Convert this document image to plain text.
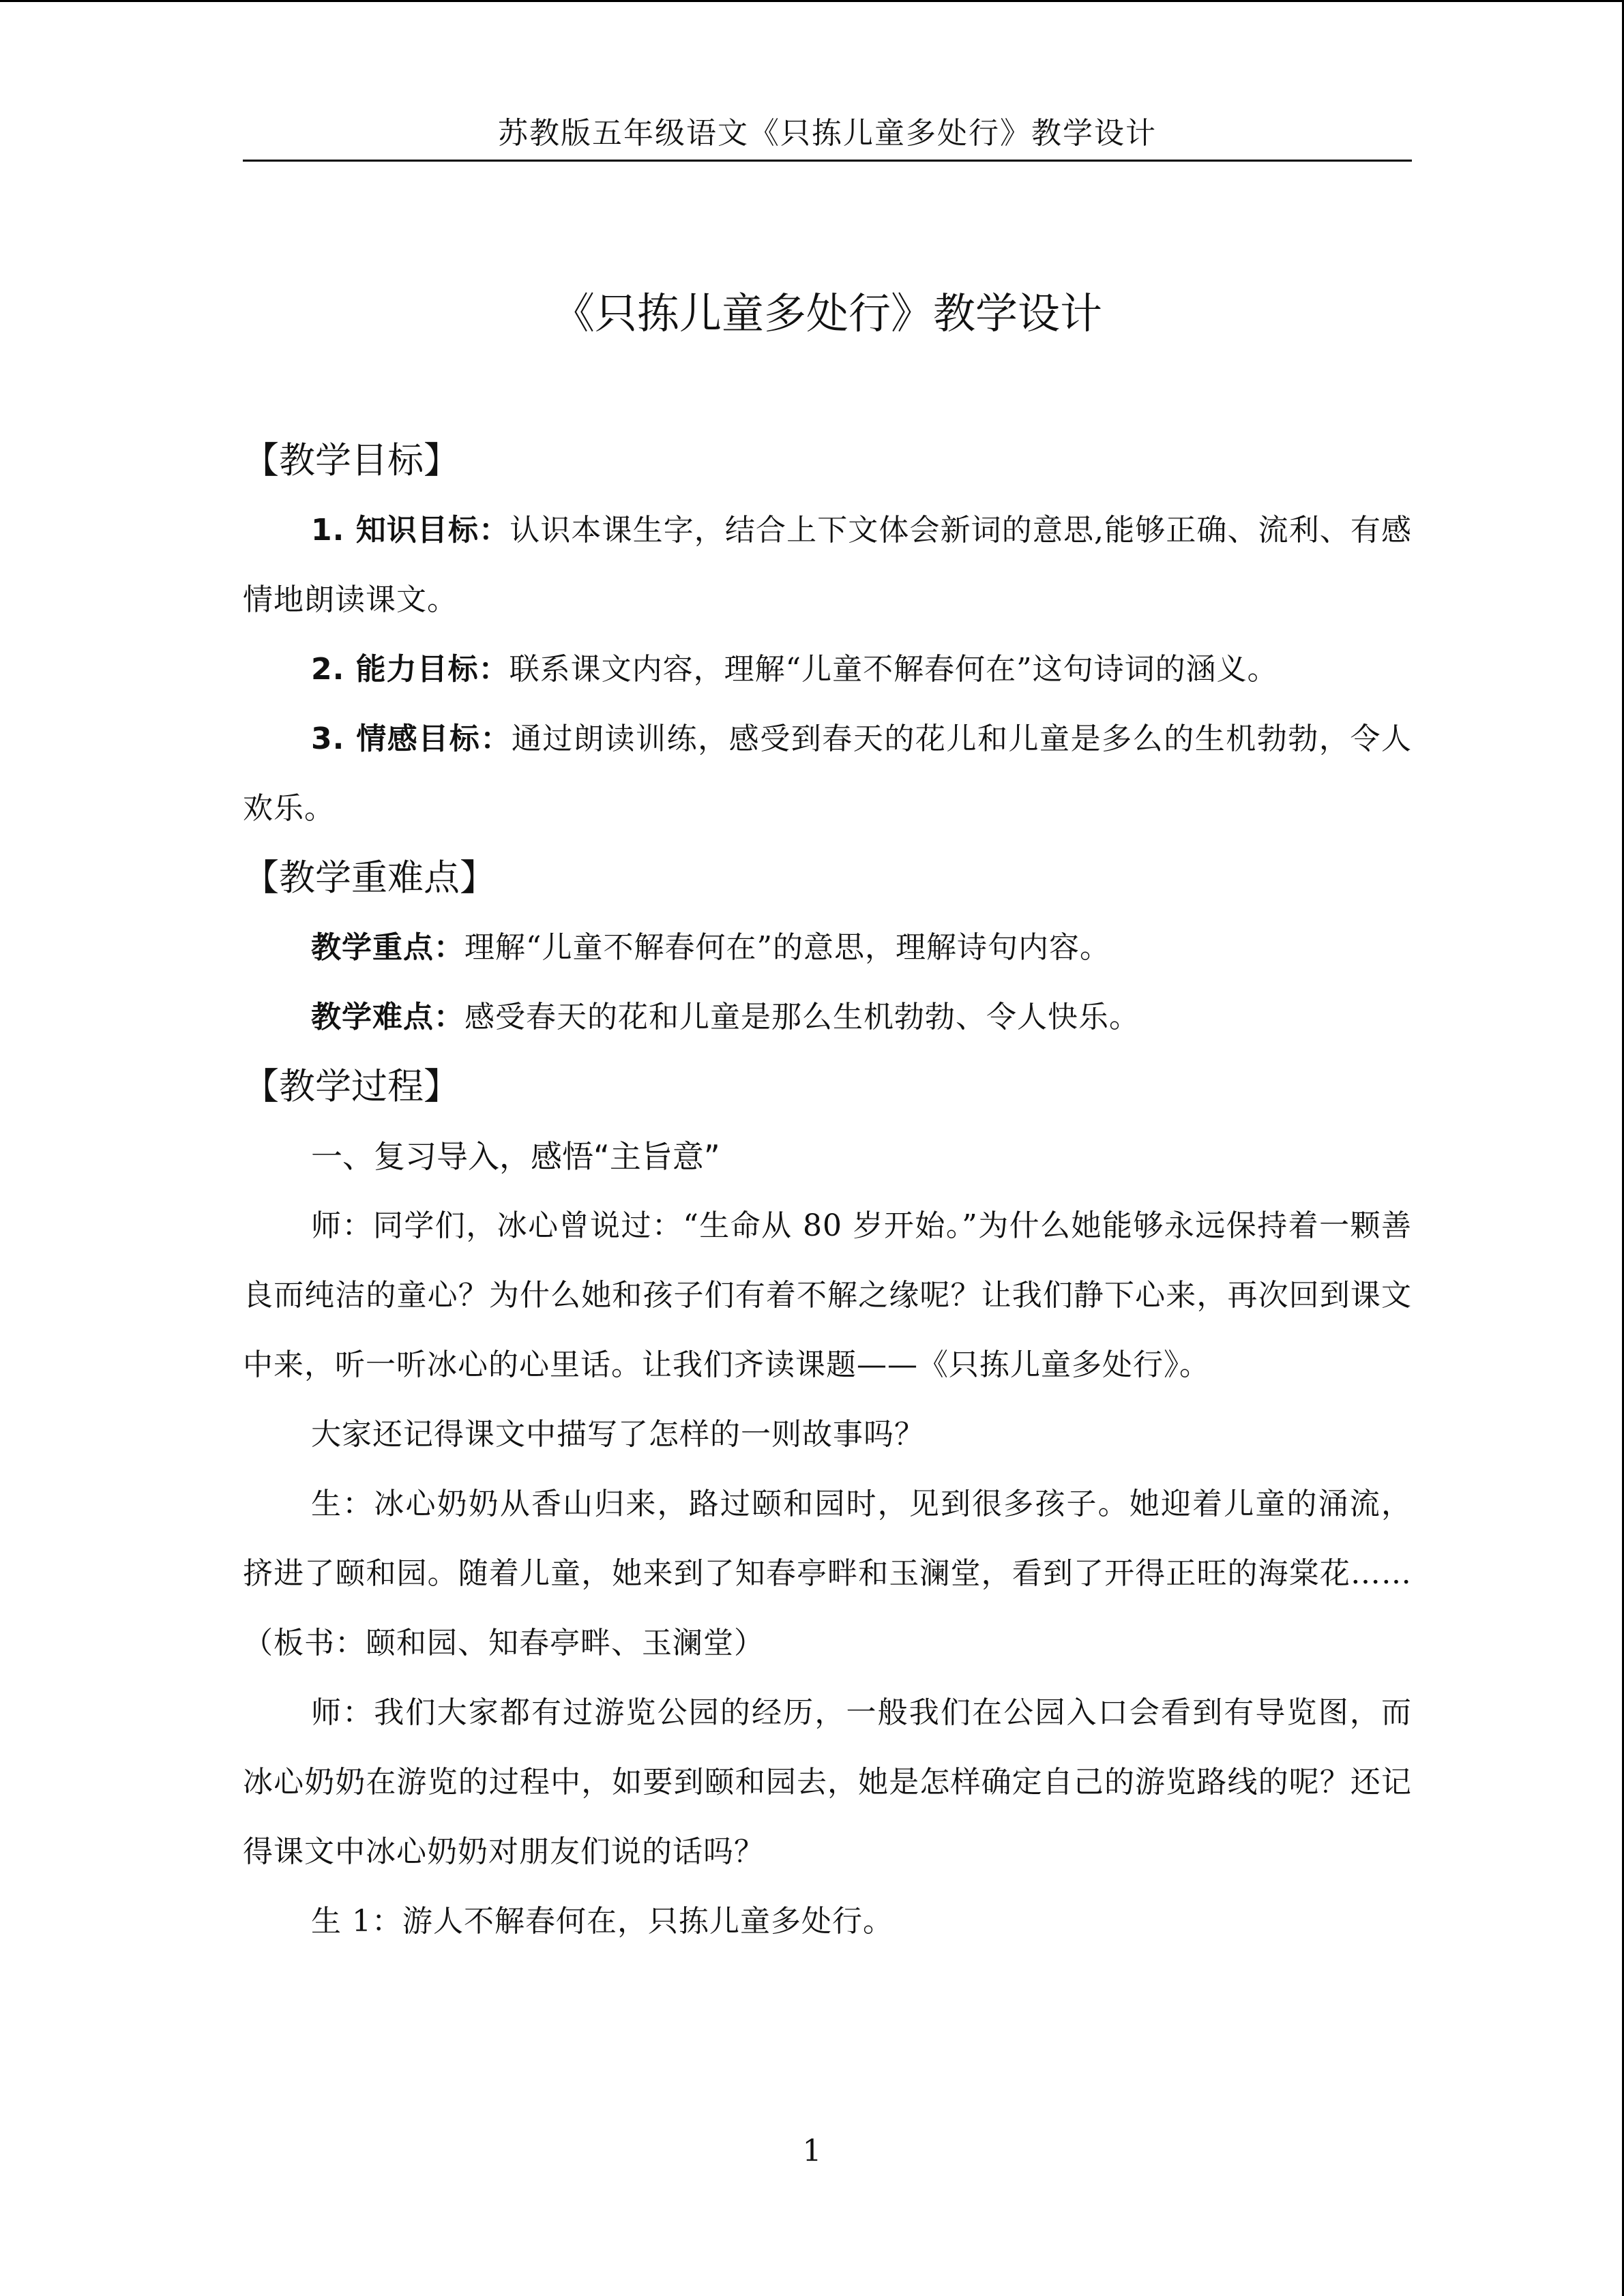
苏教版五年级语文《只拣儿童多处行》教学设计
《只拣儿童多处行》教学设计

【教学目标】

1. 知识目标：认识本课生字，结合上下文体会新词的意思,能够正确、流利、有感情地朗读课文。

2. 能力目标：联系课文内容，理解“儿童不解春何在”这句诗词的涵义。

3. 情感目标：通过朗读训练，感受到春天的花儿和儿童是多么的生机勃勃，令人欢乐。

【教学重难点】

教学重点：理解“儿童不解春何在”的意思，理解诗句内容。

教学难点：感受春天的花和儿童是那么生机勃勃、令人快乐。

【教学过程】

一、复习导入，感悟“主旨意”

师：同学们，冰心曾说过：“生命从 80 岁开始。”为什么她能够永远保持着一颗善良而纯洁的童心？为什么她和孩子们有着不解之缘呢？让我们静下心来，再次回到课文中来，听一听冰心的心里话。让我们齐读课题——《只拣儿童多处行》。

大家还记得课文中描写了怎样的一则故事吗？

生：冰心奶奶从香山归来，路过颐和园时，见到很多孩子。她迎着儿童的涌流，挤进了颐和园。随着儿童，她来到了知春亭畔和玉澜堂，看到了开得正旺的海棠花……（板书：颐和园、知春亭畔、玉澜堂）

师：我们大家都有过游览公园的经历，一般我们在公园入口会看到有导览图，而冰心奶奶在游览的过程中，如要到颐和园去，她是怎样确定自己的游览路线的呢？还记得课文中冰心奶奶对朋友们说的话吗？

生 1：游人不解春何在，只拣儿童多处行。

1
